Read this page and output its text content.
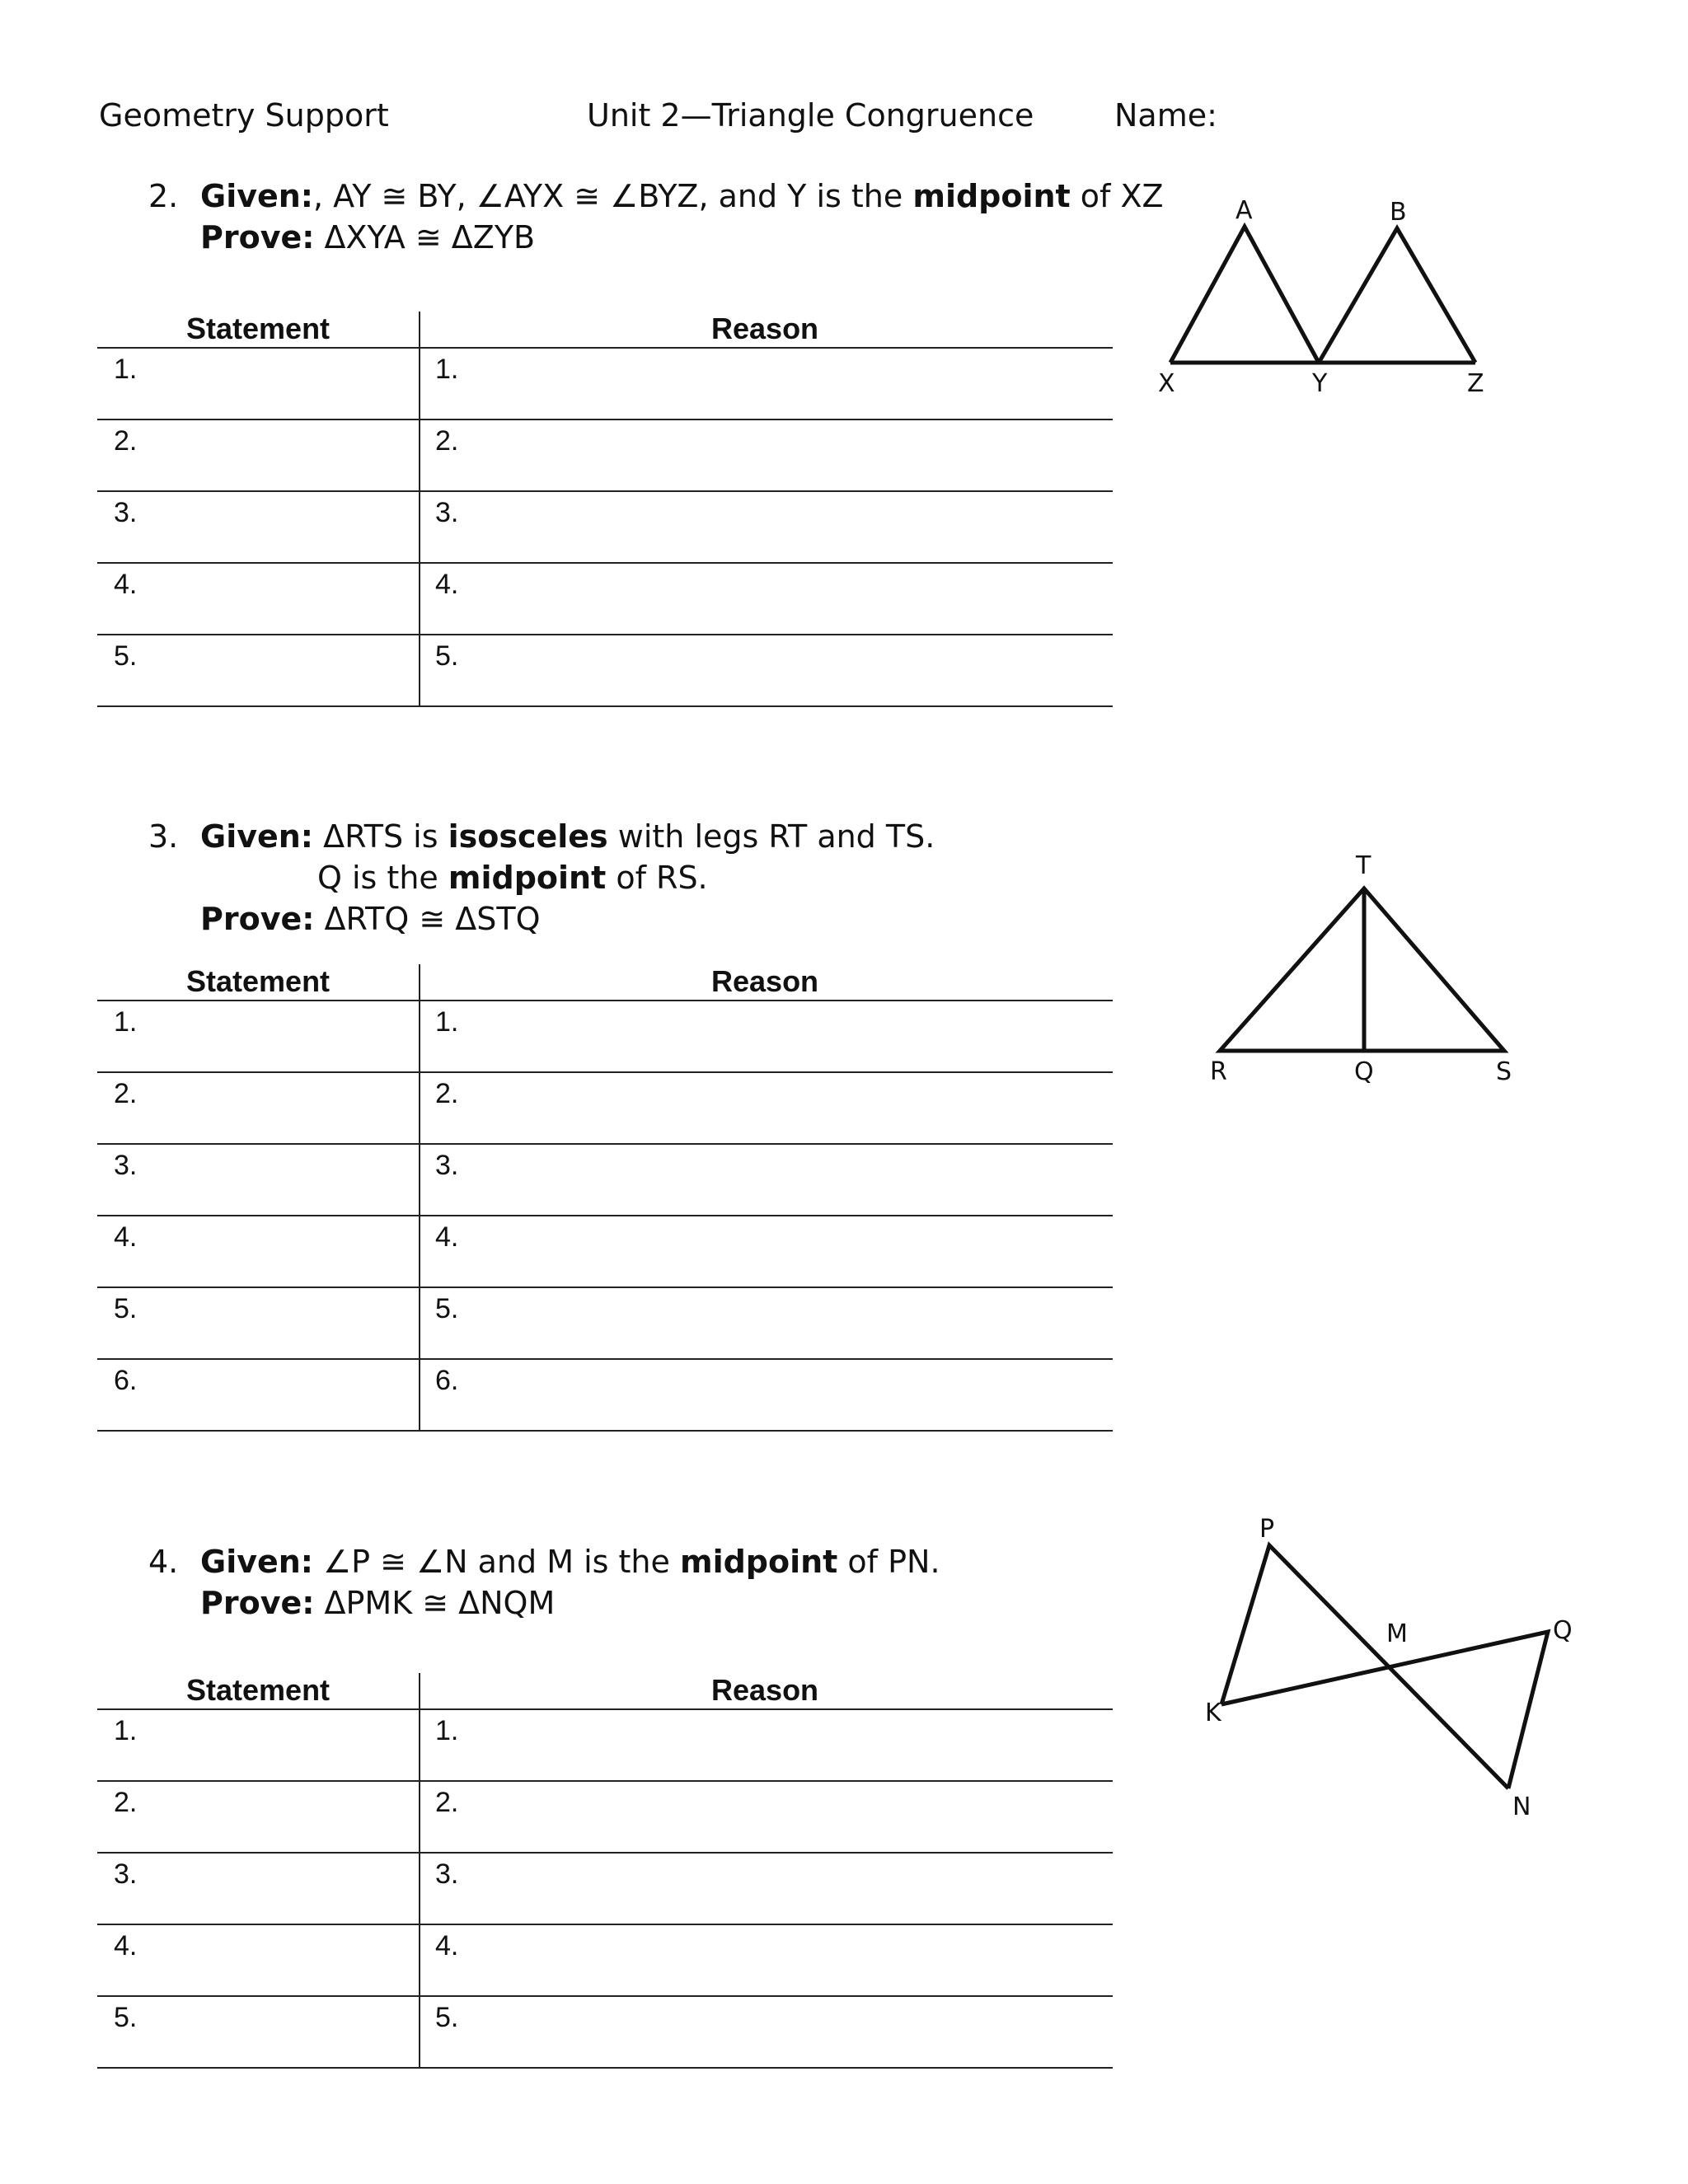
Geometry Support	Unit 2—Triangle Congruence	Name:
2. Given:, AY ≅ BY, ∠AYX ≅ ∠BYZ, and Y is the midpoint of XZ
Prove: ΔXYA ≅ ΔZYB
Statement	Reason
1.	1.
2.	2.
3.	3.
4.	4.
5.	5.
A	B
X	Y	Z
3. Given: ΔRTS is isosceles with legs RT and TS.
Q is the midpoint of RS.
Prove: ΔRTQ ≅ ΔSTQ
Statement	Reason
1.	1.
2.	2.
3.	3.
4.	4.
5.	5.
6.	6.
T
R	Q	S
4. Given: ∠P ≅ ∠N and M is the midpoint of PN.
Prove: ΔPMK ≅ ΔNQM
Statement	Reason
1.	1.
2.	2.
3.	3.
4.	4.
5.	5.
P
M	Q
K
N
